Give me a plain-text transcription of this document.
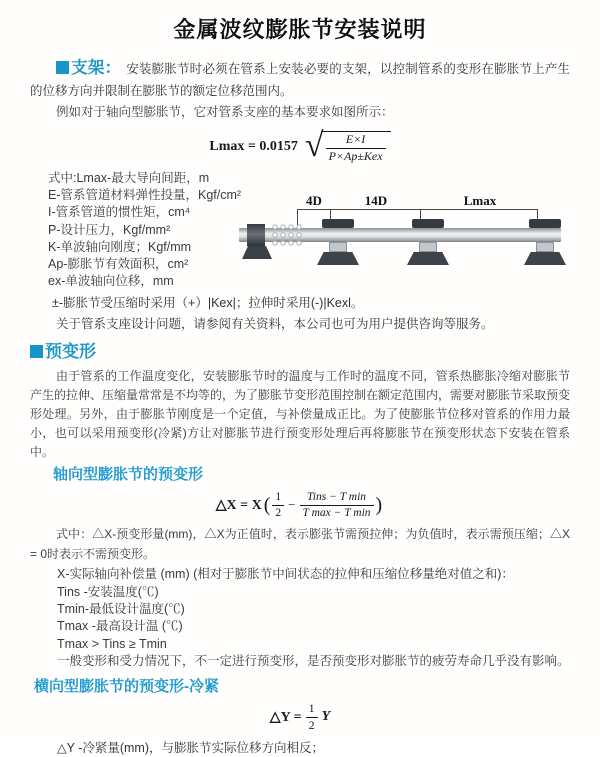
金属波纹膨胀节安装说明

支架： 安装膨胀节时必须在管系上安装必要的支架，以控制管系的变形在膨胀节上产生的位移方向并限制在膨胀节的额定位移范围内。

例如对于轴向型膨胀节，它对管系支座的基本要求如图所示：

Lmax = 0.0157 √ $\frac{E\times I}{\text{P×Ap±Kex}}$
式中:Lmax-最大导向间距，m
E-管系管道材料弹性投量，Kgf/cm²
I-管系管道的惯性矩，cm⁴
P-设计压力，Kgf/mm²
K-单波轴向刚度；Kgf/mm
Ap-膨胀节有效面积，cm²
ex-单波轴向位移，mm

±-膨胀节受压缩时采用（+）|Kex|；拉伸时采用(-)|Kexl。

关于管系支座设计问题，请参阅有关资料，本公司也可为用户提供咨询等服务。

4D	14D	Lmax
预变形

由于管系的工作温度变化，安装膨胀节时的温度与工作时的温度不同，管系热膨胀冷缩对膨胀节产生的拉伸、压缩量常常是不均等的，为了膨胀节变形范围控制在额定范围内，需要对膨胀节采取预变形处理。另外，由于膨胀节刚度是一个定值，与补偿量成正比。为了使膨胀节位移对管系的作用力最小，也可以采用预变形(冷紧)方让对膨胀节进行预变形处理后再将膨胀节在预变形状态下安装在管系中。

轴向型膨胀节的预变形
△X = X ( $\frac{1}{2} - \frac{\text{Tins − T min}}{\text{T max − T min}}$ )

式中：△X-预变形量(mm)，△X为正值时，表示膨张节需预拉伸；为负值时，表示需预压缩；△X = 0时表示不需预变形。

X-实际轴向补偿量 (mm) (相对于膨胀节中间状态的拉伸和压缩位移量绝对值之和)：
Tins -安装温度(℃)
Tmin-最低设计温度(℃)
Tmax -最高设计温 (℃)
Tmax > Tins ≥ Tmin
一般变形和受力情况下，不一定进行预变形，是否预变形对膨胀节的疲劳寿命几乎没有影响。
横向型膨胀节的预变形-冷紧
△Y = $\frac{1}{2}$ Y

△Y -冷紧量(mm)，与膨胀节实际位移方向相反；
